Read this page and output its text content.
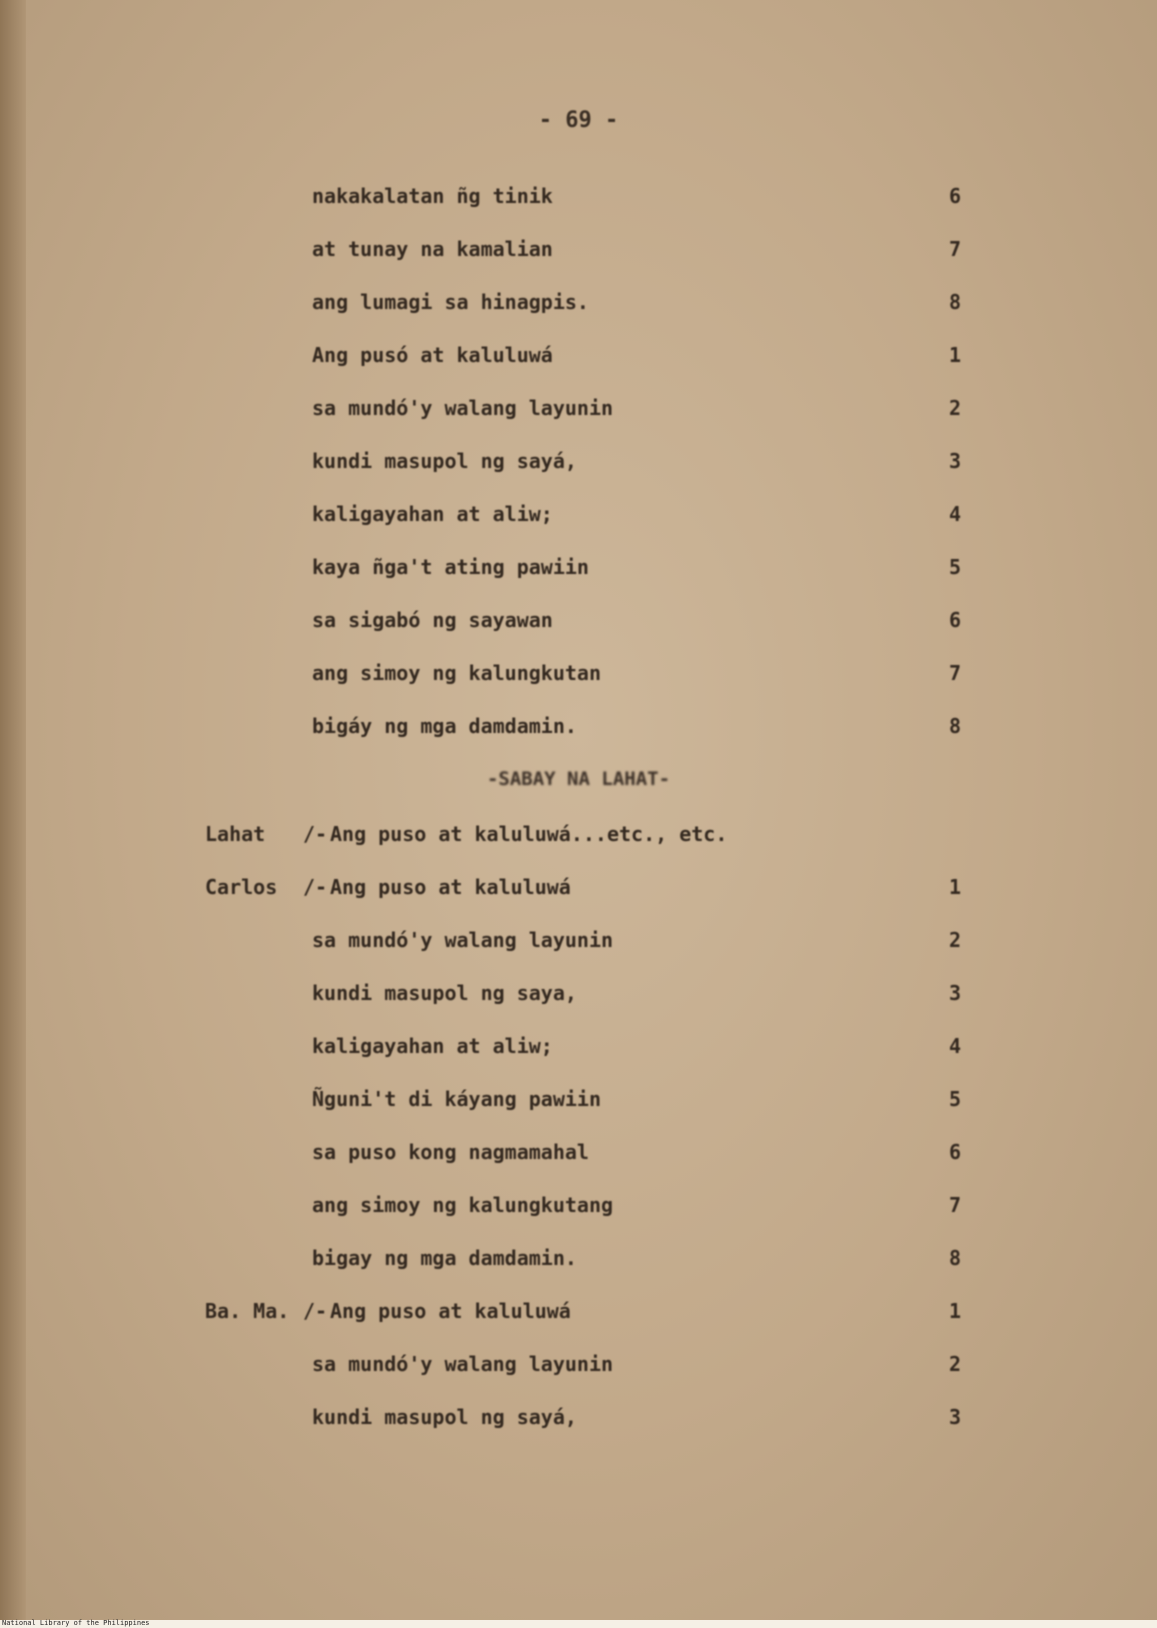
- 69 -
nakakalatan ñg tinik	6
at tunay na kamalian	7
ang lumagi sa hinagpis.	8
Ang pusó at kaluluwá	1
sa mundó'y walang layunin	2
kundi masupol ng sayá,	3
kaligayahan at aliw;	4
kaya ñga't ating pawiin	5
sa sigabó ng sayawan	6
ang simoy ng kalungkutan	7
bigáy ng mga damdamin.	8
-SABAY NA LAHAT-
Lahat /- Ang puso at kaluluwá...etc., etc.
Carlos /- Ang puso at kaluluwá	1
sa mundó'y walang layunin	2
kundi masupol ng saya,	3
kaligayahan at aliw;	4
Ñguni't di káyang pawiin	5
sa puso kong nagmamahal	6
ang simoy ng kalungkutang	7
bigay ng mga damdamin.	8
Ba. Ma. /- Ang puso at kaluluwá	1
sa mundó'y walang layunin	2
kundi masupol ng sayá,	3
National Library of the Philippines
